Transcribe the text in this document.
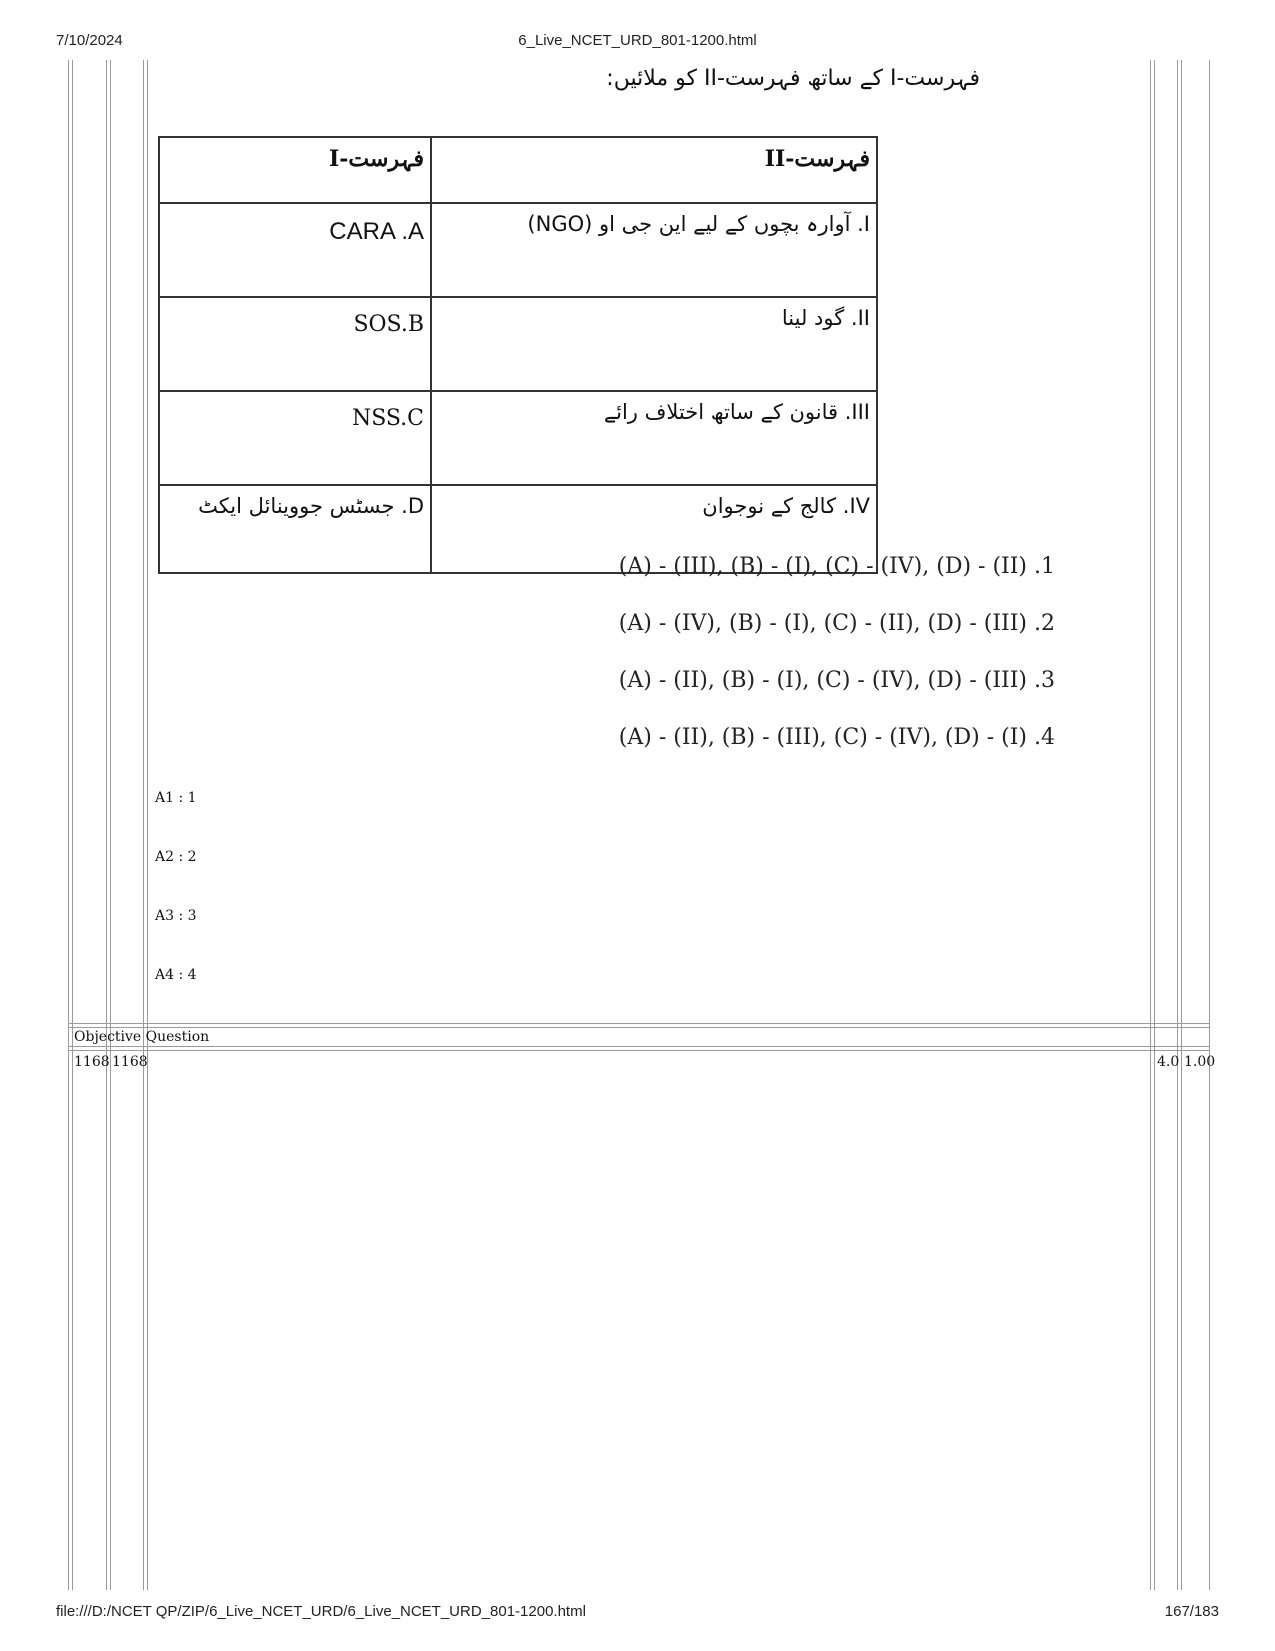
7/10/2024	6_Live_NCET_URD_801-1200.html
file:///D:/NCET QP/ZIP/6_Live_NCET_URD/6_Live_NCET_URD_801-1200.html	167/183
فہرست-I کے ساتھ فہرست-II کو ملائیں:
فہرست-I	فہرست-II
CARA .A	I. آوارہ بچوں کے لیے این جی او (NGO)
SOS.B	II. گود لینا
NSS.C	III. قانون کے ساتھ اختلاف رائے
D. جسٹس جووینائل ایکٹ	IV. کالج کے نوجوان
(A) - (III), (B) - (I), (C) - (IV), (D) - (II) .1
(A) - (IV), (B) - (I), (C) - (II), (D) - (III) .2
(A) - (II), (B) - (I), (C) - (IV), (D) - (III) .3
(A) - (II), (B) - (III), (C) - (IV), (D) - (I) .4
A1 : 1
A2 : 2
A3 : 3
A4 : 4
Objective Question
1168 1168	4.0 1.00
